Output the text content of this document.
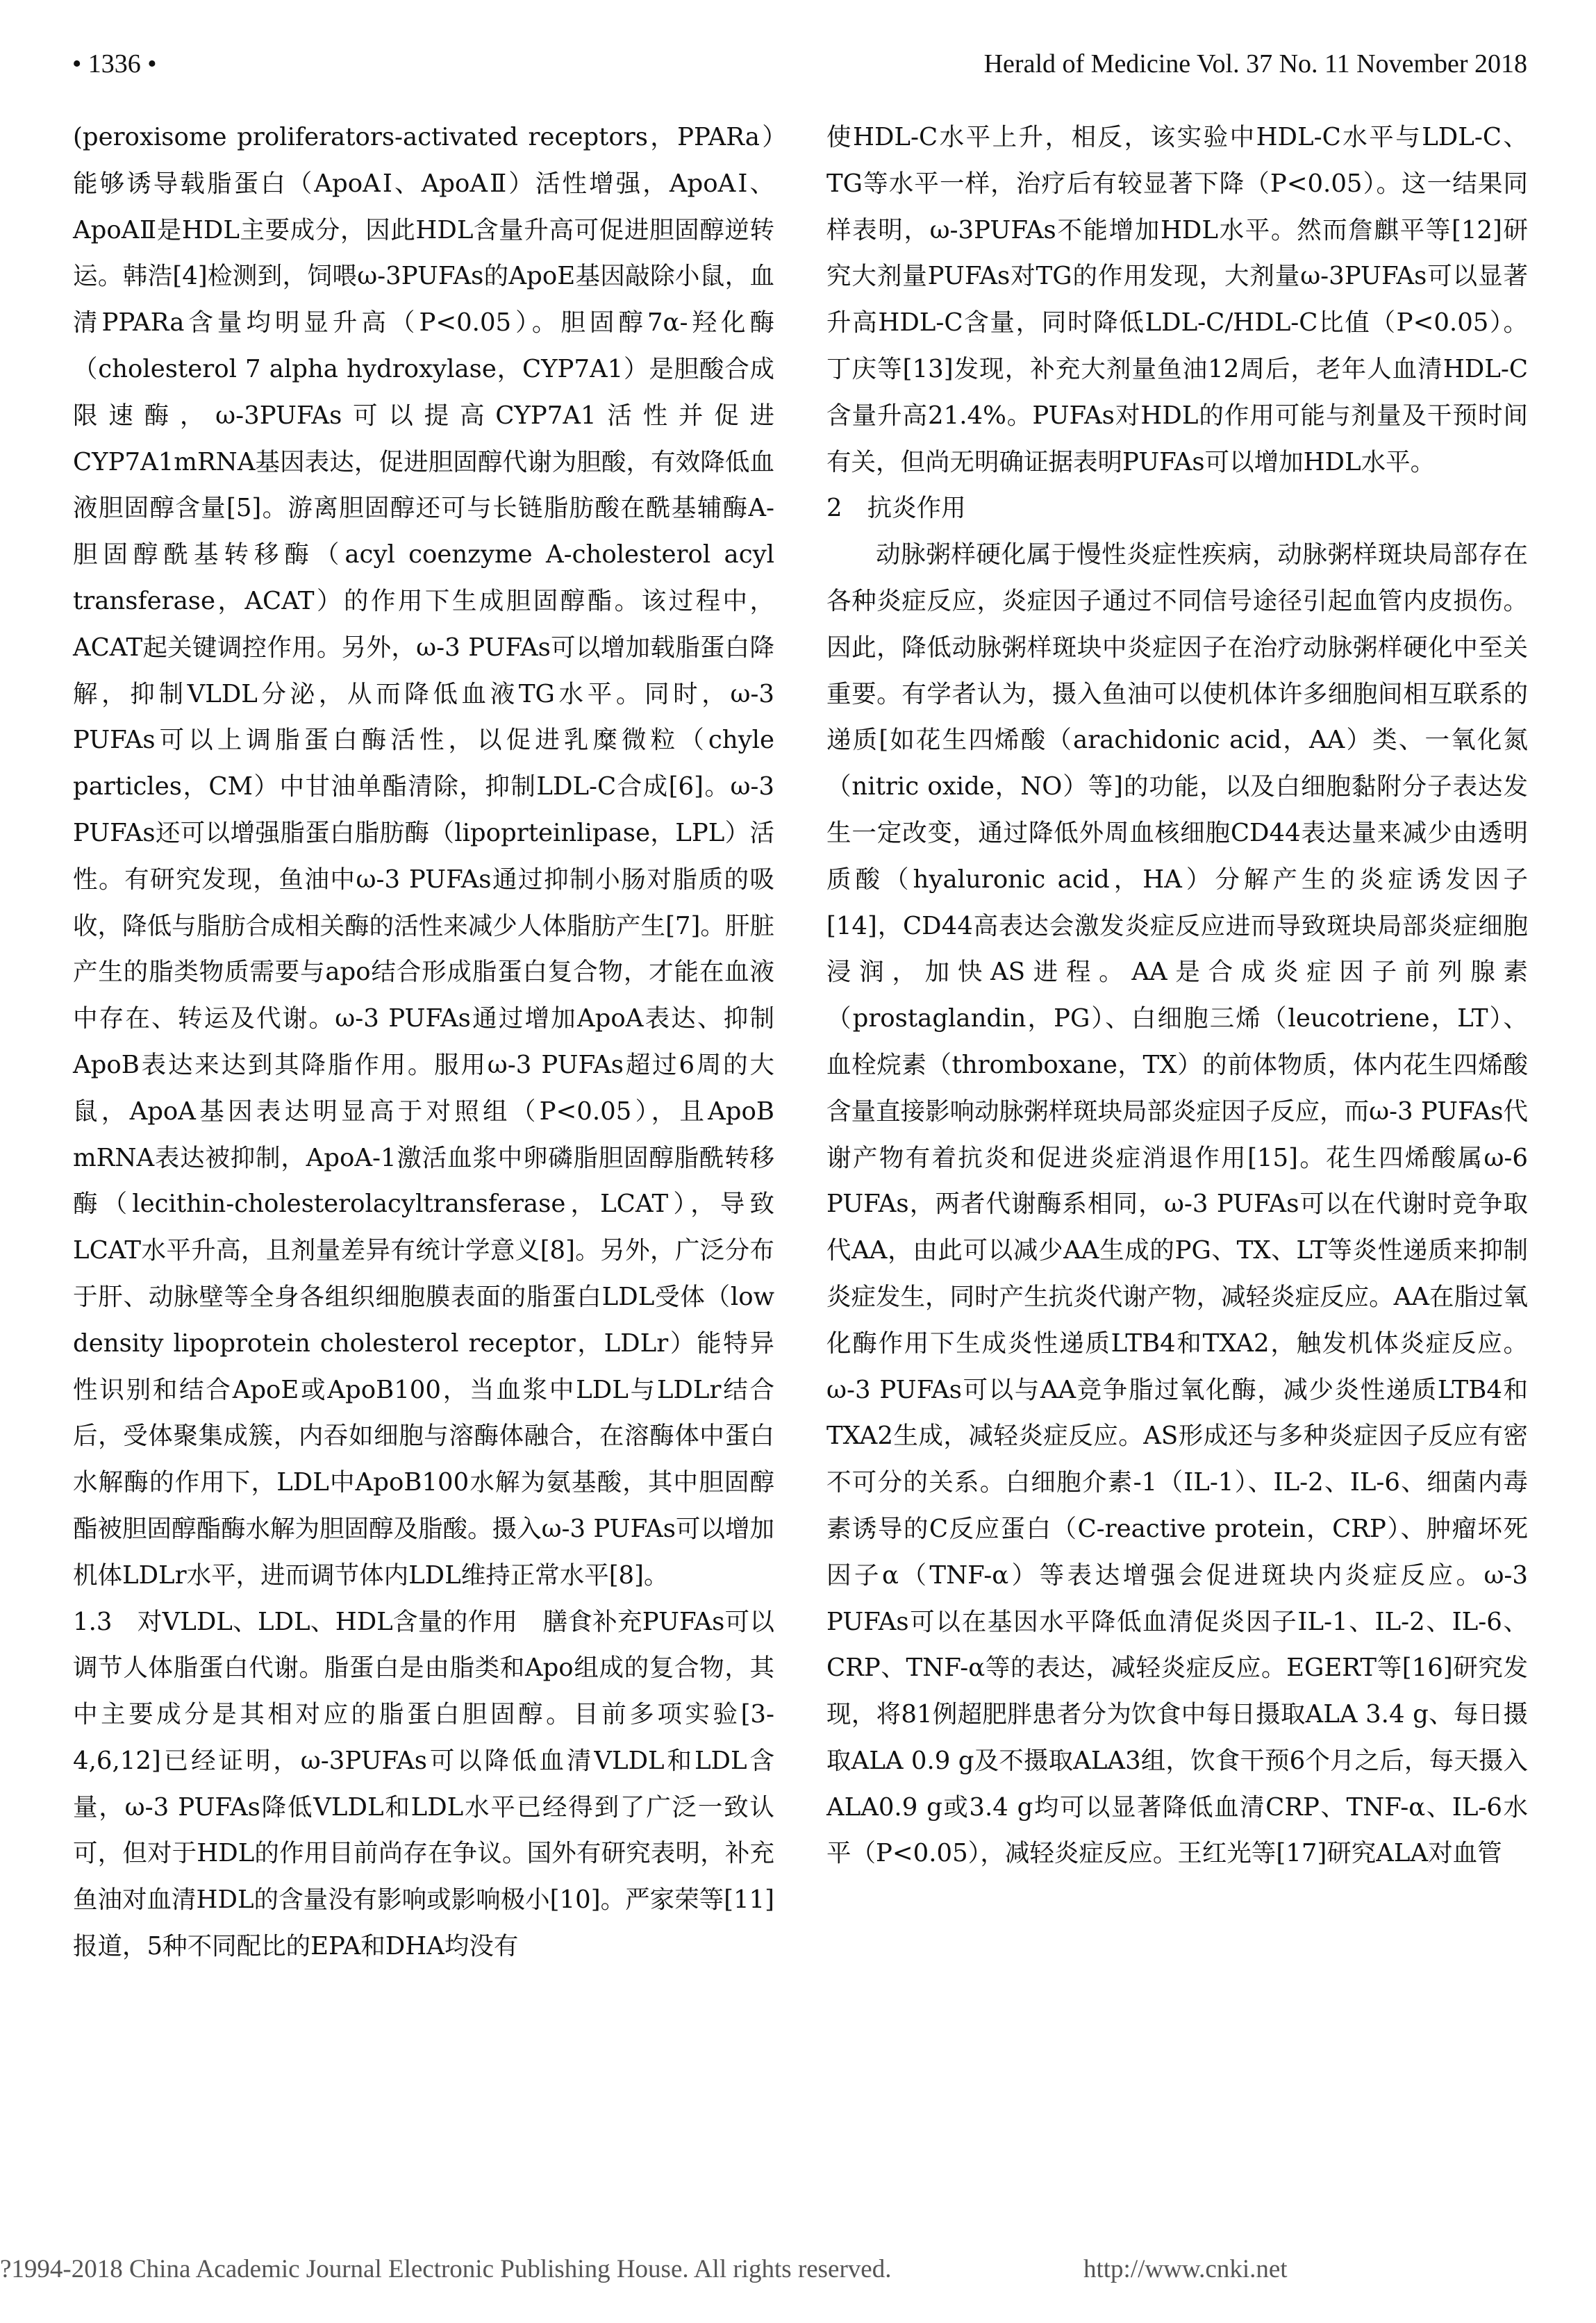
• 1336 •	Herald of Medicine Vol. 37 No. 11 November 2018

(peroxisome proliferators-activated receptors，PPARa）能够诱导载脂蛋白（ApoAⅠ、ApoAⅡ）活性增强，ApoAⅠ、ApoAⅡ是HDL主要成分，因此HDL含量升高可促进胆固醇逆转运。韩浩[4]检测到，饲喂ω-3PUFAs的ApoE基因敲除小鼠，血清PPARa含量均明显升高（P<0.05）。胆固醇7α-羟化酶（cholesterol 7 alpha hydroxylase，CYP7A1）是胆酸合成限速酶，ω-3PUFAs可以提高CYP7A1活性并促进CYP7A1mRNA基因表达，促进胆固醇代谢为胆酸，有效降低血液胆固醇含量[5]。游离胆固醇还可与长链脂肪酸在酰基辅酶A-胆固醇酰基转移酶（acyl coenzyme A-cholesterol acyl transferase，ACAT）的作用下生成胆固醇酯。该过程中，ACAT起关键调控作用。另外，ω-3 PUFAs可以增加载脂蛋白降解，抑制VLDL分泌，从而降低血液TG水平。同时，ω-3 PUFAs可以上调脂蛋白酶活性，以促进乳糜微粒（chyle particles，CM）中甘油单酯清除，抑制LDL-C合成[6]。ω-3 PUFAs还可以增强脂蛋白脂肪酶（lipoprteinlipase，LPL）活性。有研究发现，鱼油中ω-3 PUFAs通过抑制小肠对脂质的吸收，降低与脂肪合成相关酶的活性来减少人体脂肪产生[7]。肝脏产生的脂类物质需要与apo结合形成脂蛋白复合物，才能在血液中存在、转运及代谢。ω-3 PUFAs通过增加ApoA表达、抑制ApoB表达来达到其降脂作用。服用ω-3 PUFAs超过6周的大鼠，ApoA基因表达明显高于对照组（P<0.05），且ApoB mRNA表达被抑制，ApoA-1激活血浆中卵磷脂胆固醇脂酰转移酶（lecithin-cholesterolacyltransferase，LCAT），导致LCAT水平升高，且剂量差异有统计学意义[8]。另外，广泛分布于肝、动脉壁等全身各组织细胞膜表面的脂蛋白LDL受体（low density lipoprotein cholesterol receptor，LDLr）能特异性识别和结合ApoE或ApoB100，当血浆中LDL与LDLr结合后，受体聚集成簇，内吞如细胞与溶酶体融合，在溶酶体中蛋白水解酶的作用下，LDL中ApoB100水解为氨基酸，其中胆固醇酯被胆固醇酯酶水解为胆固醇及脂酸。摄入ω-3 PUFAs可以增加机体LDLr水平，进而调节体内LDL维持正常水平[8]。

1.3 对VLDL、LDL、HDL含量的作用 膳食补充PUFAs可以调节人体脂蛋白代谢。脂蛋白是由脂类和Apo组成的复合物，其中主要成分是其相对应的脂蛋白胆固醇。目前多项实验[3-4,6,12]已经证明，ω-3PUFAs可以降低血清VLDL和LDL含量，ω-3 PUFAs降低VLDL和LDL水平已经得到了广泛一致认可，但对于HDL的作用目前尚存在争议。国外有研究表明，补充鱼油对血清HDL的含量没有影响或影响极小[10]。严家荣等[11]报道，5种不同配比的EPA和DHA均没有

使HDL-C水平上升，相反，该实验中HDL-C水平与LDL-C、TG等水平一样，治疗后有较显著下降（P<0.05）。这一结果同样表明，ω-3PUFAs不能增加HDL水平。然而詹麒平等[12]研究大剂量PUFAs对TG的作用发现，大剂量ω-3PUFAs可以显著升高HDL-C含量，同时降低LDL-C/HDL-C比值（P<0.05）。丁庆等[13]发现，补充大剂量鱼油12周后，老年人血清HDL-C含量升高21.4%。PUFAs对HDL的作用可能与剂量及干预时间有关，但尚无明确证据表明PUFAs可以增加HDL水平。

2 抗炎作用

动脉粥样硬化属于慢性炎症性疾病，动脉粥样斑块局部存在各种炎症反应，炎症因子通过不同信号途径引起血管内皮损伤。因此，降低动脉粥样斑块中炎症因子在治疗动脉粥样硬化中至关重要。有学者认为，摄入鱼油可以使机体许多细胞间相互联系的递质[如花生四烯酸（arachidonic acid，AA）类、一氧化氮（nitric oxide，NO）等]的功能，以及白细胞黏附分子表达发生一定改变，通过降低外周血核细胞CD44表达量来减少由透明质酸（hyaluronic acid，HA）分解产生的炎症诱发因子[14]，CD44高表达会激发炎症反应进而导致斑块局部炎症细胞浸润，加快AS进程。AA是合成炎症因子前列腺素（prostaglandin，PG）、白细胞三烯（leucotriene，LT）、血栓烷素（thromboxane，TX）的前体物质，体内花生四烯酸含量直接影响动脉粥样斑块局部炎症因子反应，而ω-3 PUFAs代谢产物有着抗炎和促进炎症消退作用[15]。花生四烯酸属ω-6 PUFAs，两者代谢酶系相同，ω-3 PUFAs可以在代谢时竞争取代AA，由此可以减少AA生成的PG、TX、LT等炎性递质来抑制炎症发生，同时产生抗炎代谢产物，减轻炎症反应。AA在脂过氧化酶作用下生成炎性递质LTB4和TXA2，触发机体炎症反应。ω-3 PUFAs可以与AA竞争脂过氧化酶，减少炎性递质LTB4和TXA2生成，减轻炎症反应。AS形成还与多种炎症因子反应有密不可分的关系。白细胞介素-1（IL-1）、IL-2、IL-6、细菌内毒素诱导的C反应蛋白（C-reactive protein，CRP）、肿瘤坏死因子α（TNF-α）等表达增强会促进斑块内炎症反应。ω-3 PUFAs可以在基因水平降低血清促炎因子IL-1、IL-2、IL-6、CRP、TNF-α等的表达，减轻炎症反应。EGERT等[16]研究发现，将81例超肥胖患者分为饮食中每日摄取ALA 3.4 g、每日摄取ALA 0.9 g及不摄取ALA3组，饮食干预6个月之后，每天摄入ALA0.9 g或3.4 g均可以显著降低血清CRP、TNF-α、IL-6水平（P<0.05），减轻炎症反应。王红光等[17]研究ALA对血管

?1994-2018 China Academic Journal Electronic Publishing House. All rights reserved.	http://www.cnki.net
